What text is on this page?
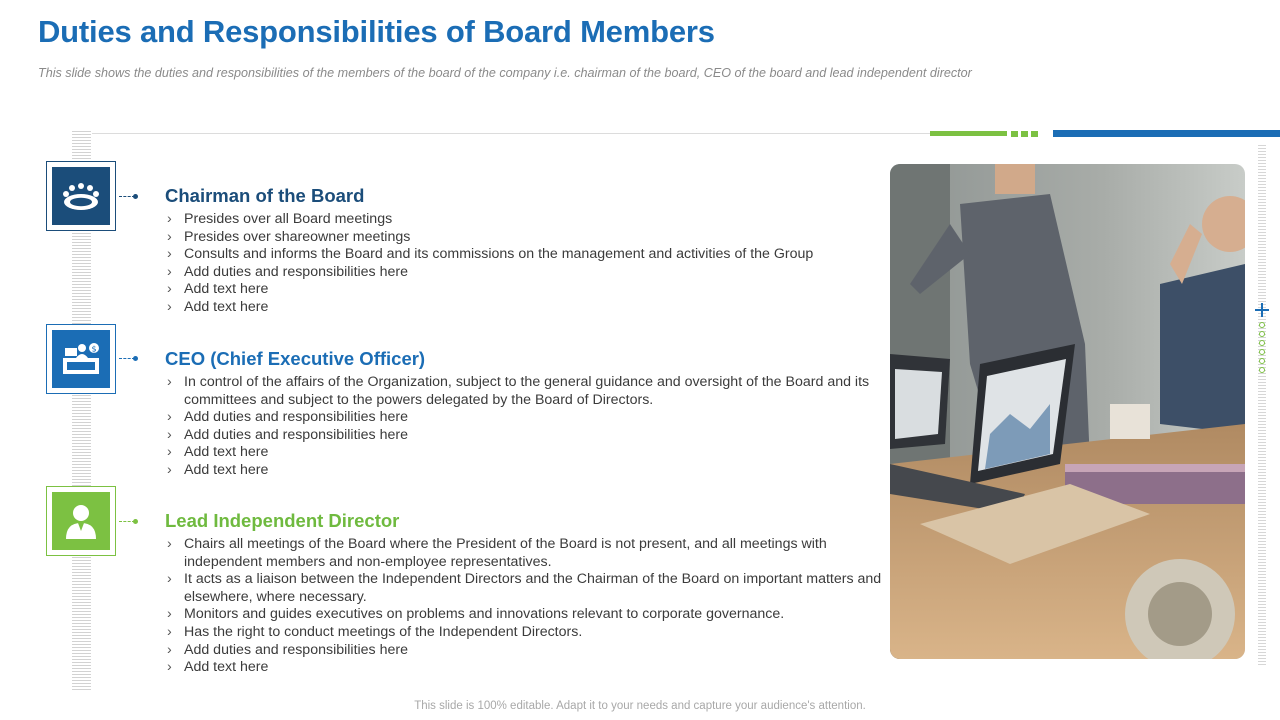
Duties and Responsibilities of Board Members

This slide shows the duties and responsibilities of the members of the board of the company i.e. chairman of the board, CEO of the board and lead independent director

Chairman of the Board
› Presides over all Board meetings
› Presides over shareowner meetings
› Consults and informs the Board and its commissions on the management and activities of the Group
› Add duties and responsibilities here
› Add text here
› Add text here
$	CEO (Chief Executive Officer)
› In control of the affairs of the Organization, subject to the general guidance and oversight of the Board and its committees and subject to the powers delegated by the Board of Directors.
› Add duties and responsibilities here
› Add duties and responsibilities here
› Add text here
› Add text here
Lead Independent Director
› Chairs all meetings of the Board where the President of the Board is not present, and all meetings with independent members and non-employee representatives.
› It acts as a liaison between the Independent Directors and the Chairman of the Board on important matters and elsewhere, where necessary.
› Monitors and guides executives on problems and innovations relevant to corporate governance.
› Has the right to conduct meetings of the Independent Directors.
› Add duties and responsibilities here
› Add text here
This slide is 100% editable. Adapt it to your needs and capture your audience's attention.
